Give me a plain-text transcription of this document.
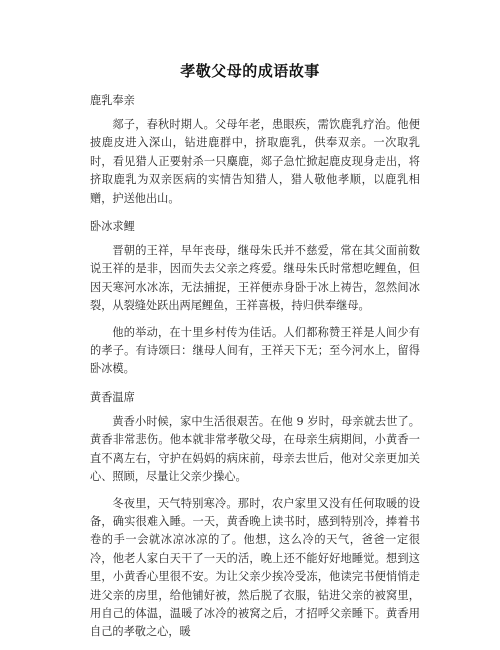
孝敬父母的成语故事
鹿乳奉亲

郯子，春秋时期人。父母年老，患眼疾，需饮鹿乳疗治。他便披鹿皮进入深山，钻进鹿群中，挤取鹿乳，供奉双亲。一次取乳时，看见猎人正要射杀一只麋鹿，郯子急忙掀起鹿皮现身走出，将挤取鹿乳为双亲医病的实情告知猎人，猎人敬他孝顺，以鹿乳相赠，护送他出山。

卧冰求鲤

晋朝的王祥，早年丧母，继母朱氏并不慈爱，常在其父面前数说王祥的是非，因而失去父亲之疼爱。继母朱氏时常想吃鲤鱼，但因天寒河水冰冻，无法捕捉，王祥便赤身卧于冰上祷告，忽然间冰裂，从裂缝处跃出两尾鲤鱼，王祥喜极，持归供奉继母。

他的举动，在十里乡村传为佳话。人们都称赞王祥是人间少有的孝子。有诗颂曰：继母人间有，王祥天下无；至今河水上，留得卧冰模。

黄香温席

黄香小时候，家中生活很艰苦。在他 9 岁时，母亲就去世了。黄香非常悲伤。他本就非常孝敬父母，在母亲生病期间，小黄香一直不离左右，守护在妈妈的病床前，母亲去世后，他对父亲更加关心、照顾，尽量让父亲少操心。

冬夜里，天气特别寒冷。那时，农户家里又没有任何取暖的设备，确实很难入睡。一天，黄香晚上读书时，感到特别冷，捧着书卷的手一会就冰凉冰凉的了。他想，这么冷的天气，爸爸一定很冷，他老人家白天干了一天的活，晚上还不能好好地睡觉。想到这里，小黄香心里很不安。为让父亲少挨冷受冻，他读完书便悄悄走进父亲的房里，给他铺好被，然后脱了衣服，钻进父亲的被窝里，用自己的体温，温暖了冰冷的被窝之后，才招呼父亲睡下。黄香用自己的孝敬之心，暖
